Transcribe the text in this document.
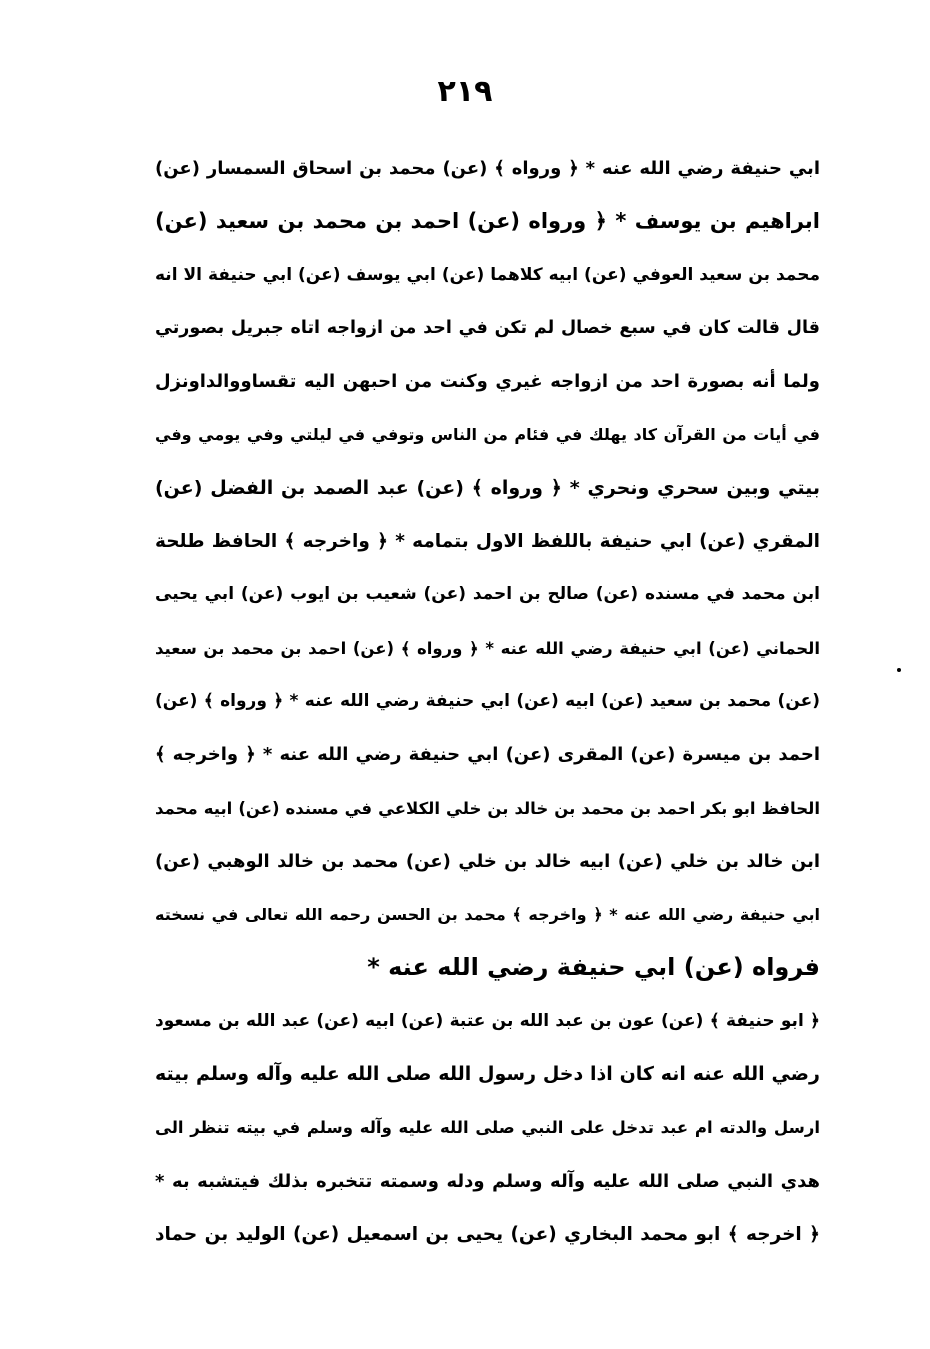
٢١٩
ابي حنيفة رضي الله عنه * ﴿ ورواه ﴾ (عن) محمد بن اسحاق السمسار (عن)
ابراهيم بن يوسف * ﴿ ورواه (عن) احمد بن محمد بن سعيد (عن)
محمد بن سعيد العوفي (عن) ابيه كلاهما (عن) ابي يوسف (عن) ابي حنيفة الا انه
قال قالت كان في سبع خصال لم تكن في احد من ازواجه اتاه جبريل بصورتي
ولما أنه بصورة احد من ازواجه غيري وكنت من احبهن اليه تقساووالداونزل
في أيات من القرآن كاد يهلك في فئام من الناس وتوفي في ليلتي وفي يومي وفي
بيتي وبين سحري ونحري * ﴿ ورواه ﴾ (عن) عبد الصمد بن الفضل (عن)
المقري (عن) ابي حنيفة باللفظ الاول بتمامه * ﴿ واخرجه ﴾ الحافظ طلحة
ابن محمد في مسنده (عن) صالح بن احمد (عن) شعيب بن ايوب (عن) ابي يحيى
الحماني (عن) ابي حنيفة رضي الله عنه * ﴿ ورواه ﴾ (عن) احمد بن محمد بن سعيد
(عن) محمد بن سعيد (عن) ابيه (عن) ابي حنيفة رضي الله عنه * ﴿ ورواه ﴾ (عن)
احمد بن ميسرة (عن) المقرى (عن) ابي حنيفة رضي الله عنه * ﴿ واخرجه ﴾
الحافظ ابو بكر احمد بن محمد بن خالد بن خلي الكلاعي في مسنده (عن) ابيه محمد
ابن خالد بن خلي (عن) ابيه خالد بن خلي (عن) محمد بن خالد الوهبي (عن)
ابي حنيفة رضي الله عنه * ﴿ واخرجه ﴾ محمد بن الحسن رحمه الله تعالى في نسخته
فرواه (عن) ابي حنيفة رضي الله عنه *
﴿ ابو حنيفة ﴾ (عن) عون بن عبد الله بن عتبة (عن) ابيه (عن) عبد الله بن مسعود
رضي الله عنه انه كان اذا دخل رسول الله صلى الله عليه وآله وسلم بيته
ارسل والدته ام عبد تدخل على النبي صلى الله عليه وآله وسلم في بيته تنظر الى
هدي النبي صلى الله عليه وآله وسلم ودله وسمته تتخبره بذلك فيتشبه به *
﴿ اخرجه ﴾ ابو محمد البخاري (عن) يحيى بن اسمعيل (عن) الوليد بن حماد
